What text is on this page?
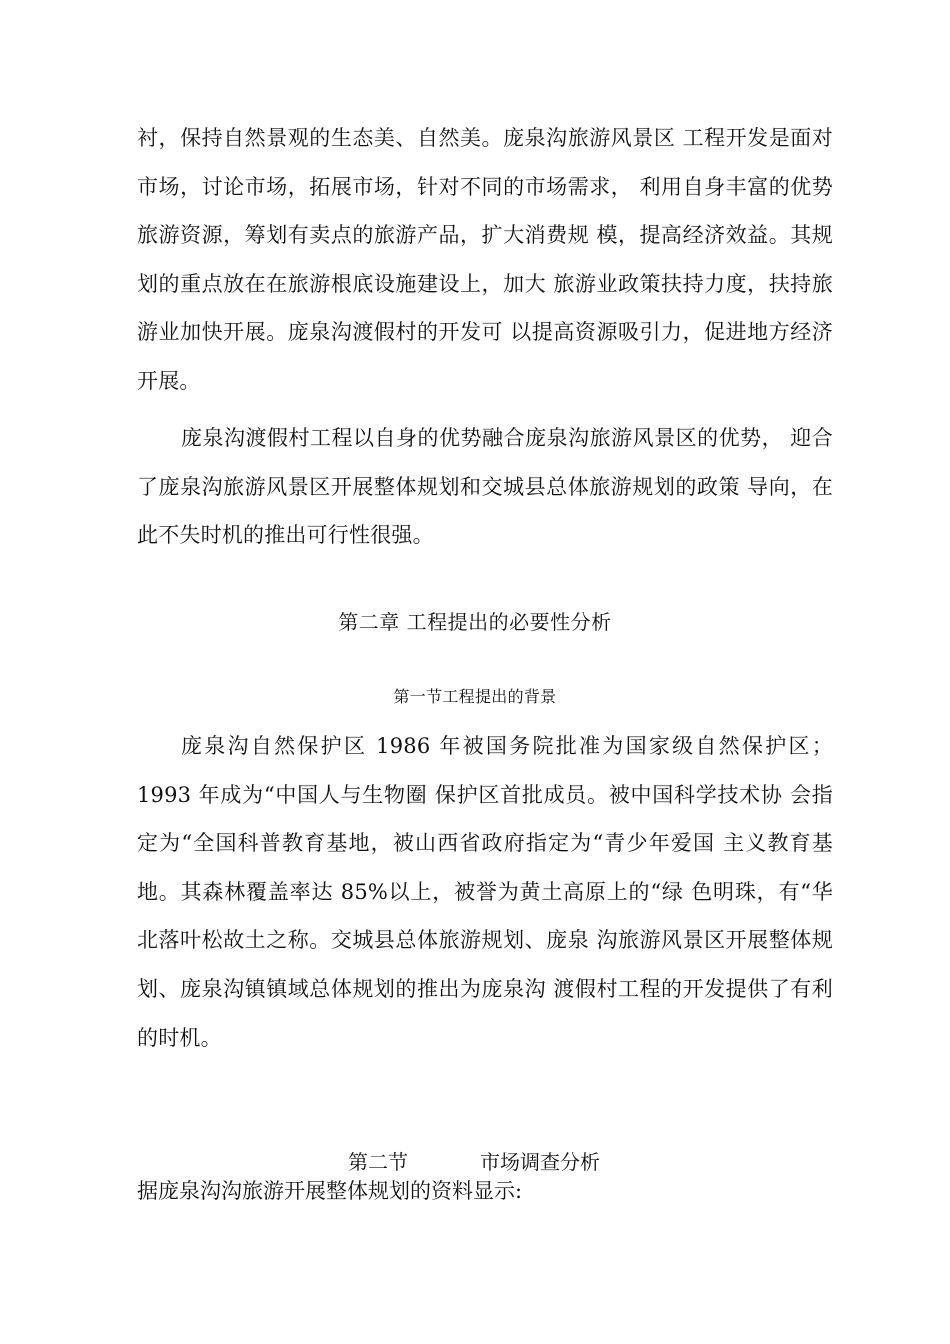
衬，保持自然景观的生态美、自然美。庞泉沟旅游风景区 工程开发是面对市场，讨论市场，拓展市场，针对不同的市场需求， 利用自身丰富的优势旅游资源，筹划有卖点的旅游产品，扩大消费规 模，提高经济效益。其规划的重点放在在旅游根底设施建设上，加大 旅游业政策扶持力度，扶持旅游业加快开展。庞泉沟渡假村的开发可 以提高资源吸引力，促进地方经济开展。

庞泉沟渡假村工程以自身的优势融合庞泉沟旅游风景区的优势， 迎合了庞泉沟旅游风景区开展整体规划和交城县总体旅游规划的政策 导向，在此不失时机的推出可行性很强。

第二章 工程提出的必要性分析
第一节工程提出的背景

庞泉沟自然保护区 1986 年被国务院批准为国家级自然保护区； 1993 年成为“中国人与生物圈 保护区首批成员。被中国科学技术协 会指定为“全国科普教育基地，被山西省政府指定为“青少年爱国 主义教育基地。其森林覆盖率达 85%以上，被誉为黄土高原上的“绿 色明珠，有“华北落叶松故土之称。交城县总体旅游规划、庞泉 沟旅游风景区开展整体规划、庞泉沟镇镇域总体规划的推出为庞泉沟 渡假村工程的开发提供了有利的时机。

第二节	市场调查分析
据庞泉沟沟旅游开展整体规划的资料显示:
